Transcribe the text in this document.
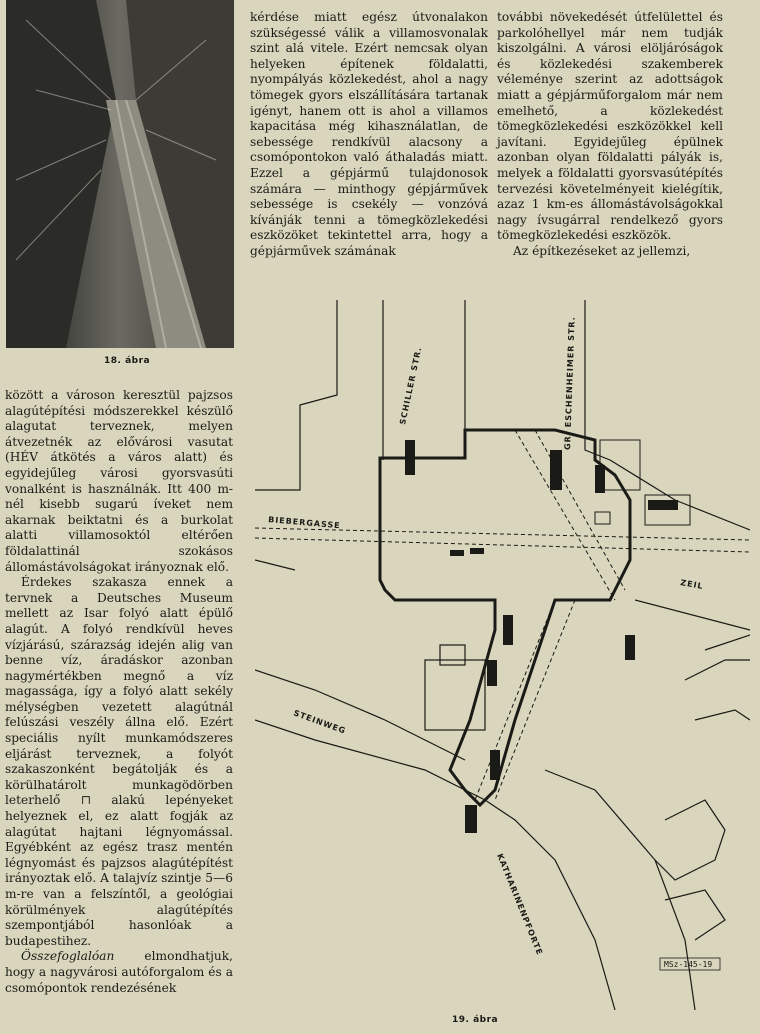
18. ábra

kérdése miatt egész útvonalakon szükségessé válik a villamosvonalak szint alá vitele. Ezért nemcsak olyan helyeken építenek földalatti, nyompályás közlekedést, ahol a nagy tömegek gyors elszállítására tartanak igényt, hanem ott is ahol a villamos kapacitása még kihasználatlan, de sebessége rendkívül alacsony a csomópontokon való áthaladás miatt. Ezzel a gépjármű tulajdonosok számára — minthogy gépjárművek sebessége is csekély — vonzóvá kívánják tenni a tömegközlekedési eszközöket tekintettel arra, hogy a gépjárművek számának

további növekedését útfelülettel és parkolóhellyel már nem tudják kiszolgálni. A városi elöljáróságok és közlekedési szakemberek véleménye szerint az adottságok miatt a gépjárműforgalom már nem emelhető, a közlekedést tömegközlekedési eszközökkel kell javítani. Egyidejűleg épülnek azonban olyan földalatti pályák is, melyek a földalatti gyorsvasútépítés tervezési követelményeit kielégítik, azaz 1 km-es állomástávolságokkal nagy ívsugárral rendelkező gyors tömegközlekedési eszközök.

Az építkezéseket az jellemzi,

között a városon keresztül pajzsos alagútépítési módszerekkel készülő alagutat terveznek, melyen átvezetnék az elővárosi vasutat (HÉV átkötés a város alatt) és egyidejűleg városi gyorsvasúti vonalként is használnák. Itt 400 m-nél kisebb sugarú íveket nem akarnak beiktatni és a burkolat alatti villamosoktól eltérően földalattinál szokásos állomástávolságokat irányoznak elő.

Érdekes szakasza ennek a tervnek a Deutsches Museum mellett az Isar folyó alatt épülő alagút. A folyó rendkívül heves vízjárású, szárazság idején alig van benne víz, áradáskor azonban nagymértékben megnő a víz magassága, így a folyó alatt sekély mélységben vezetett alagútnál felúszási veszély állna elő. Ezért speciális nyílt munkamódszeres eljárást terveznek, a folyót szakaszonként begátolják és a körülhatárolt munkagödörben leterhelő ⊓ alakú lepényeket helyeznek el, ez alatt fogják az alagútat hajtani légnyomással. Egyébként az egész trasz mentén légnyomást és pajzsos alagútépítést irányoztak elő. A talajvíz szintje 5—6 m-re van a felszíntől, a geológiai körülmények alagútépítés szempontjából hasonlóak a budapestihez.

Összefoglalóan elmondhatjuk, hogy a nagyvárosi autóforgalom és a csomópontok rendezésének

SCHILLER STR.	GR. ESCHENHEIMER STR.
BIEBERGASSE
ZEIL
STEINWEG
KATHARINENPFORTE
MSz-145-19
19. ábra
